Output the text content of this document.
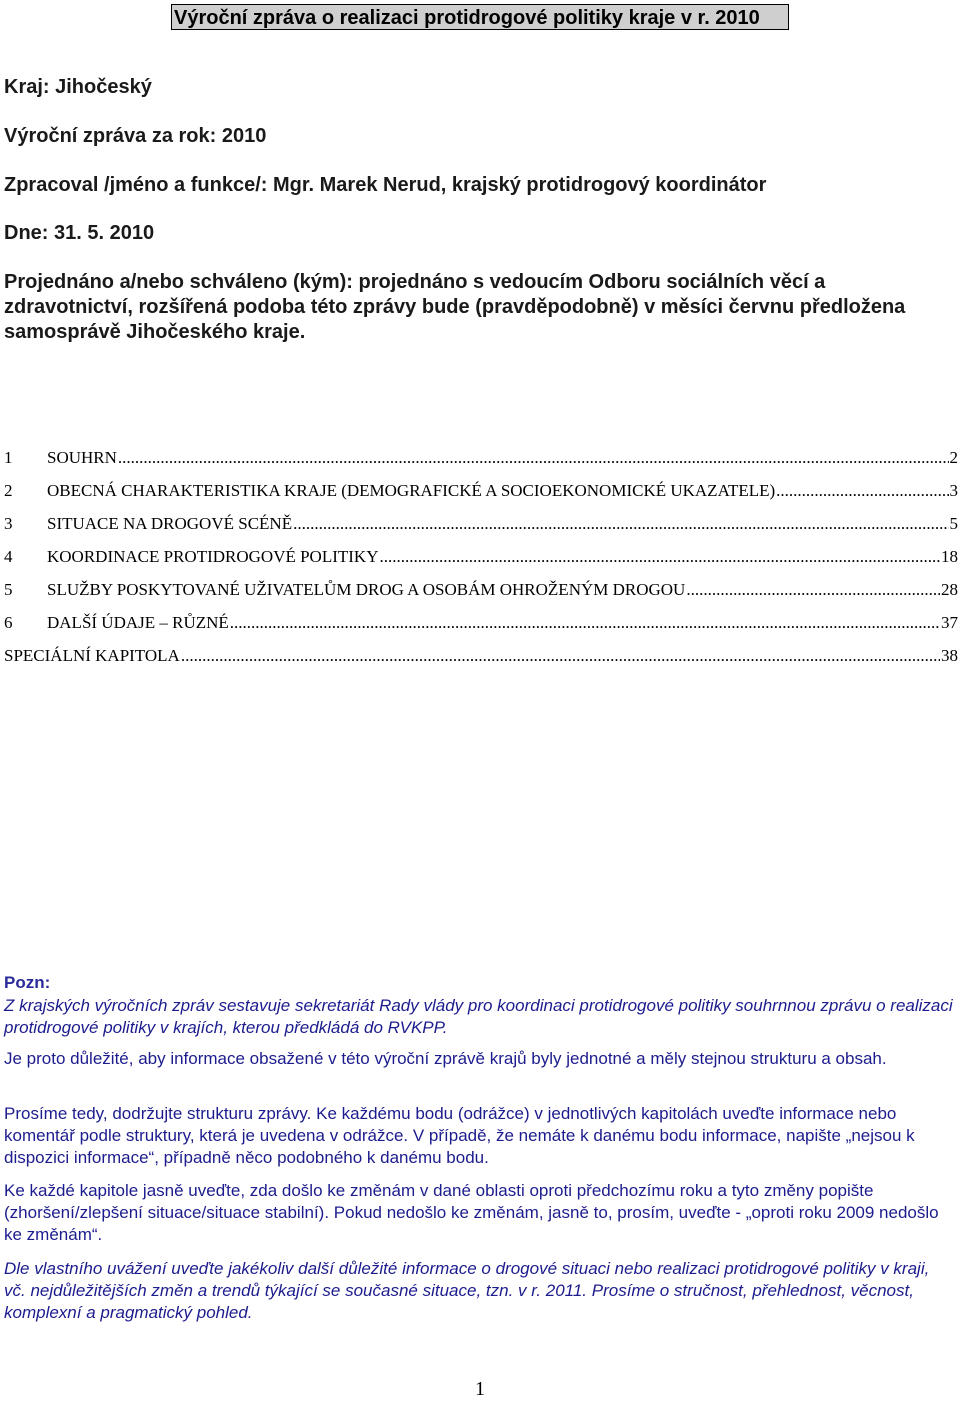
Výroční zpráva o realizaci protidrogové politiky kraje v r. 2010
Kraj: Jihočeský
Výroční zpráva za rok: 2010
Zpracoval /jméno a funkce/: Mgr. Marek Nerud, krajský protidrogový koordinátor
Dne: 31. 5. 2010
Projednáno a/nebo schváleno (kým): projednáno s vedoucím Odboru sociálních věcí a zdravotnictví, rozšířená podoba této zprávy bude (pravděpodobně) v měsíci červnu předložena samosprávě Jihočeského kraje.
1	SOUHRN .....	2
2	OBECNÁ CHARAKTERISTIKA KRAJE (DEMOGRAFICKÉ A SOCIOEKONOMICKÉ UKAZATELE) .....	3
3	SITUACE NA DROGOVÉ SCÉNĚ .....	5
4	KOORDINACE PROTIDROGOVÉ POLITIKY .....	18
5	SLUŽBY POSKYTOVANÉ UŽIVATELŮM DROG A OSOBÁM OHROŽENÝM DROGOU .....	28
6	DALŠÍ ÚDAJE – RŮZNÉ .....	37
SPECIÁLNÍ KAPITOLA .....	38
Pozn:
Z krajských výročních zpráv sestavuje sekretariát Rady vlády pro koordinaci protidrogové politiky souhrnnou zprávu o realizaci protidrogové politiky v krajích, kterou předkládá do RVKPP.
Je proto důležité, aby informace obsažené v této výroční zprávě krajů byly jednotné a měly stejnou strukturu a obsah.
Prosíme tedy, dodržujte strukturu zprávy. Ke každému bodu (odrážce) v jednotlivých kapitolách uveďte informace nebo komentář podle struktury, která je uvedena v odrážce. V případě, že nemáte k danému bodu informace, napište „nejsou k dispozici informace“, případně něco podobného k danému bodu.
Ke každé kapitole jasně uveďte, zda došlo ke změnám v dané oblasti oproti předchozímu roku a tyto změny popište (zhoršení/zlepšení situace/situace stabilní). Pokud nedošlo ke změnám, jasně to, prosím, uveďte - „oproti roku 2009 nedošlo ke změnám“.
Dle vlastního uvážení uveďte jakékoliv další důležité informace o drogové situaci nebo realizaci protidrogové politiky v kraji, vč. nejdůležitějších změn a trendů týkající se současné situace, tzn. v r. 2011. Prosíme o stručnost, přehlednost, věcnost, komplexní a pragmatický pohled.
1
